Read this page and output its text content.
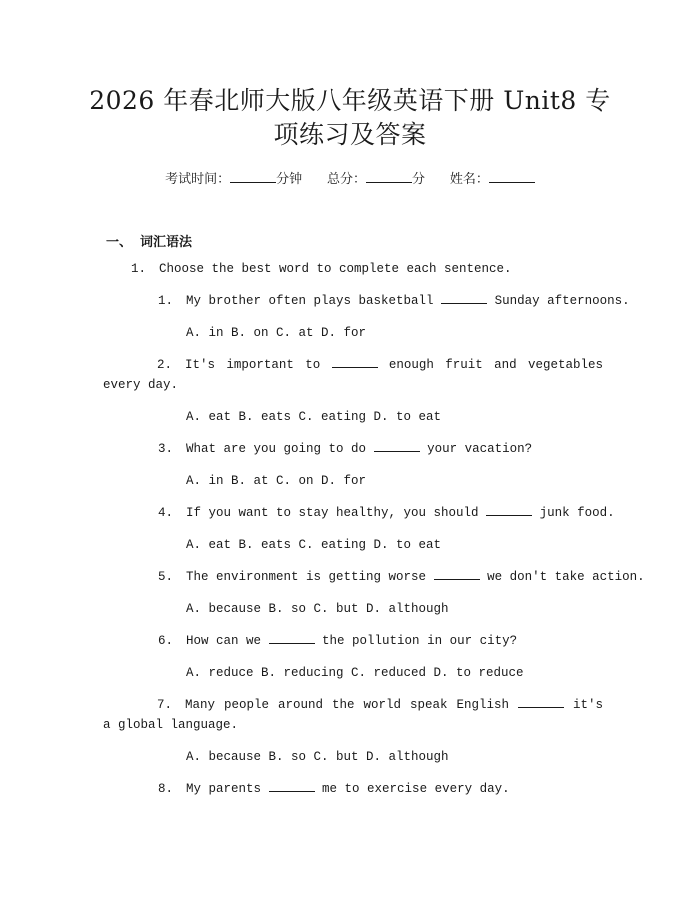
2026 年春北师大版八年级英语下册 Unit8 专
项练习及答案
考试时间：	分钟 总分：	分 姓名：
一、 词汇语法
1. Choose the best word to complete each sentence.
1. My brother often plays basketball	Sunday afternoons.
A. in B. on C. at D. for
2. It's important to	enough fruit and vegetables every day.
A. eat B. eats C. eating D. to eat
3. What are you going to do	your vacation?
A. in B. at C. on D. for
4. If you want to stay healthy, you should	junk food.
A. eat B. eats C. eating D. to eat
5. The environment is getting worse	we don't take action.
A. because B. so C. but D. although
6. How can we	the pollution in our city?
A. reduce B. reducing C. reduced D. to reduce
7. Many people around the world speak English	it's a global language.
A. because B. so C. but D. although
8. My parents	me to exercise every day.
